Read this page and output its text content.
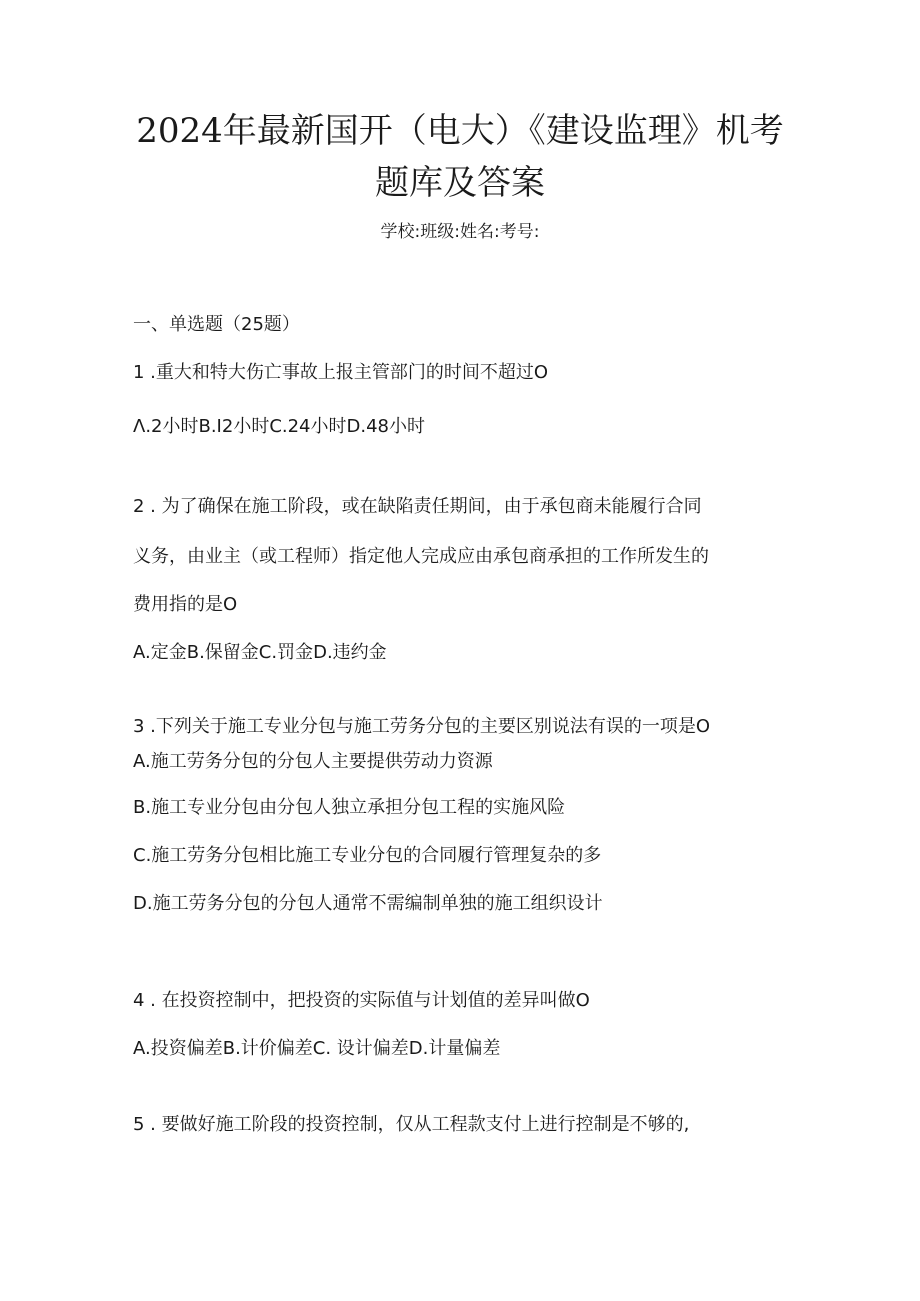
2024年最新国开（电大）《建设监理》机考
题库及答案
学校:班级:姓名:考号:
一、单选题（25题）
1 .重大和特大伤亡事故上报主管部门的时间不超过O
Λ.2小时B.I2小时C.24小时D.48小时
2 . 为了确保在施工阶段，或在缺陷责任期间，由于承包商未能履行合同
义务，由业主（或工程师）指定他人完成应由承包商承担的工作所发生的
费用指的是O
A.定金B.保留金C.罚金D.违约金
3 .下列关于施工专业分包与施工劳务分包的主要区别说法有误的一项是O
A.施工劳务分包的分包人主要提供劳动力资源
B.施工专业分包由分包人独立承担分包工程的实施风险
C.施工劳务分包相比施工专业分包的合同履行管理复杂的多
D.施工劳务分包的分包人通常不需编制单独的施工组织设计
4 . 在投资控制中，把投资的实际值与计划值的差异叫做O
A.投资偏差B.计价偏差C. 设计偏差D.计量偏差
5 . 要做好施工阶段的投资控制，仅从工程款支付上进行控制是不够的,
